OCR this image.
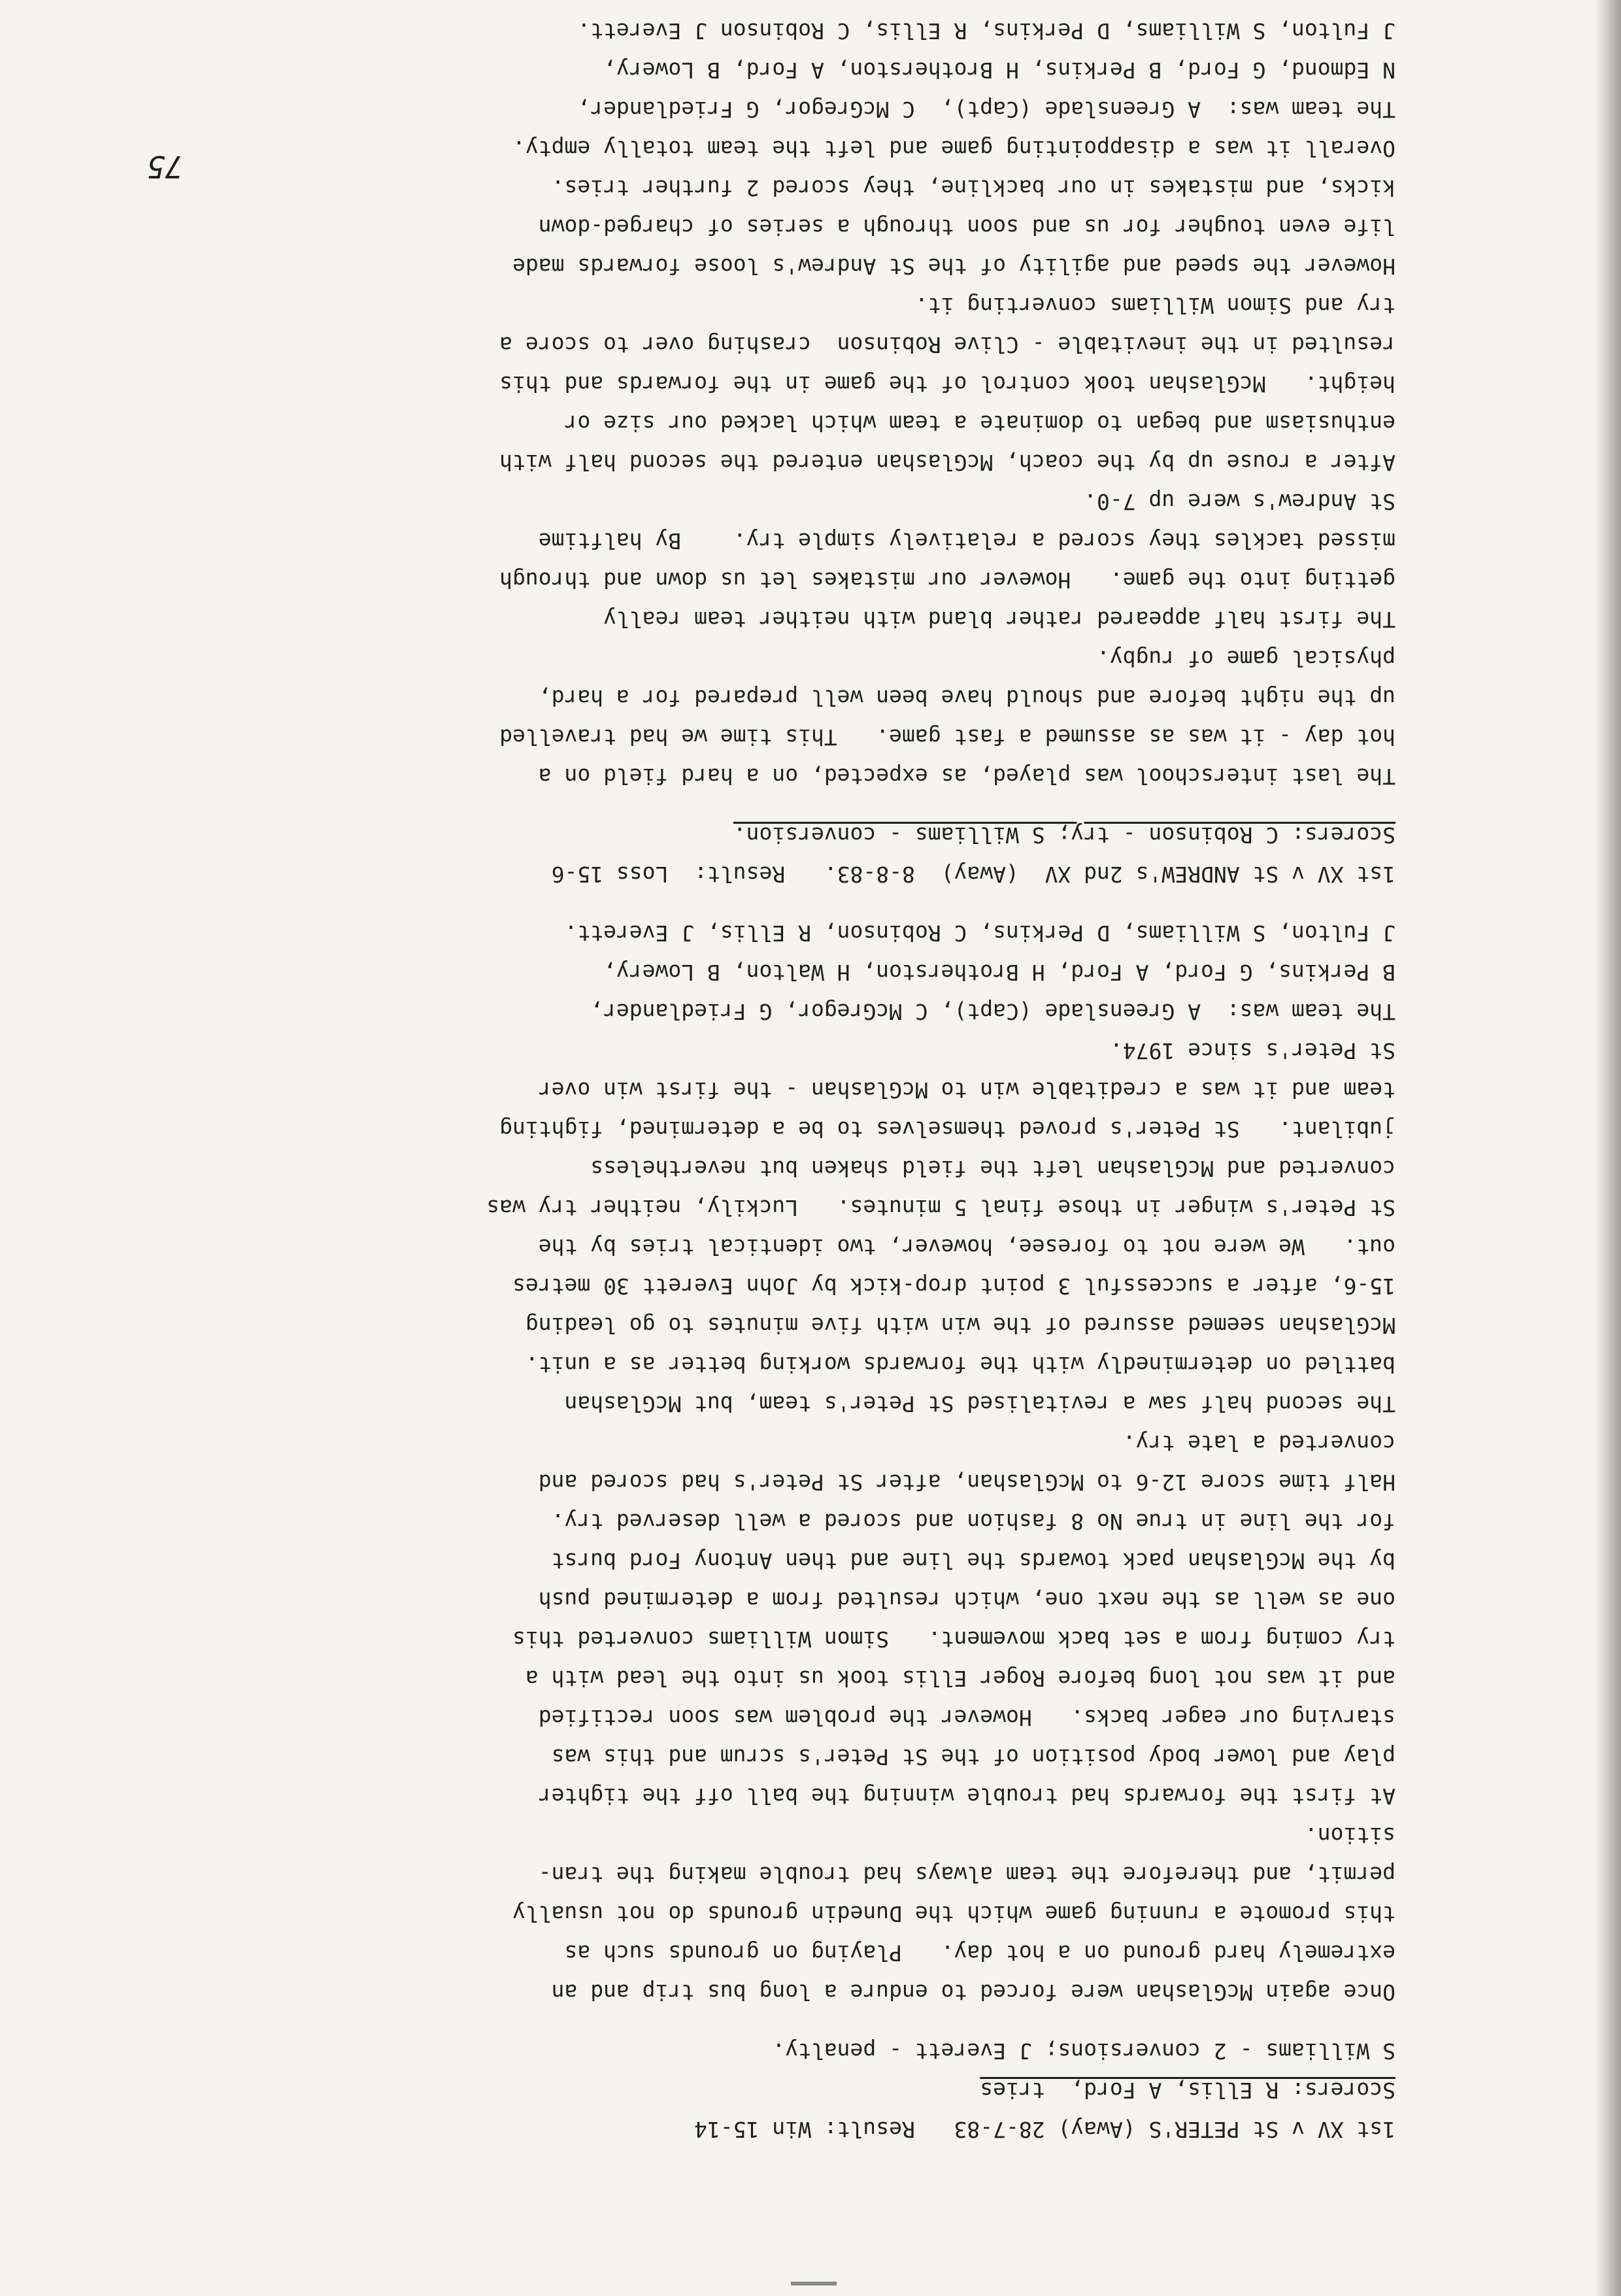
1st XV v St PETER'S (Away) 28-7-83   Result: Win 15-14

Scorers: R Ellis, A Ford,  tries

S Williams - 2 conversions; J Everett - penalty.

Once again McGlashan were forced to endure a long bus trip and an

extremely hard ground on a hot day.   Playing on grounds such as

this promote a running game which the Dunedin grounds do not usually

permit, and therefore the team always had trouble making the tran-

sition.

At first the forwards had trouble winning the ball off the tighter

play and lower body position of the St Peter's scrum and this was

starving our eager backs.   However the problem was soon rectified

and it was not long before Roger Ellis took us into the lead with a

try coming from a set back movement.   Simon Williams converted this

one as well as the next one, which resulted from a determined push

by the McGlashan pack towards the line and then Antony Ford burst

for the line in true No 8 fashion and scored a well deserved try.

Half time score 12-6 to McGlashan, after St Peter's had scored and

converted a late try.

The second half saw a revitalised St Peter's team, but McGlashan

battled on determinedly with the forwards working better as a unit.

McGlashan seemed assured of the win with five minutes to go leading

15-6, after a successful 3 point drop-kick by John Everett 30 metres

out.   We were not to foresee, however, two identical tries by the

St Peter's winger in those final 5 minutes.   Luckily, neither try was

converted and McGlashan left the field shaken but nevertheless

jubilant.   St Peter's proved themselves to be a determined, fighting

team and it was a creditable win to McGlashan - the first win over

St Peter's since 1974.

The team was:  A Greenslade (Capt), C McGregor, G Friedlander,

B Perkins, G Ford, A Ford, H Brotherston, H Walton, B Lowery,

J Fulton, S Williams, D Perkins, C Robinson, R Ellis, J Everett.

1st XV v St ANDREW's 2nd XV  (Away)  8-8-83.   Result:  Loss 15-6

Scorers: C Robinson - try; S Williams - conversion.

The last interschool was played, as expected, on a hard field on a

hot day - it was as assumed a fast game.   This time we had travelled

up the night before and should have been well prepared for a hard,

physical game of rugby.

The first half appeared rather bland with neither team really

getting into the game.   However our mistakes let us down and through

missed tackles they scored a relatively simple try.    By halftime

St Andrew's were up 7-0.

After a rouse up by the coach, McGlashan entered the second half with

enthusiasm and began to dominate a team which lacked our size or

height.   McGlashan took control of the game in the forwards and this

resulted in the inevitable - Clive Robinson  crashing over to score a

try and Simon Williams converting it.

However the speed and agility of the St Andrew's loose forwards made

life even tougher for us and soon through a series of charged-down

kicks, and mistakes in our backline, they scored 2 further tries.

Overall it was a disappointing game and left the team totally empty.

The team was:  A Greenslade (Capt),  C McGregor, G Friedlander,

N Edmond, G Ford, B Perkins, H Brotherston, A Ford, B Lowery,

J Fulton, S Williams, D Perkins, R Ellis, C Robinson J Everett.

75
